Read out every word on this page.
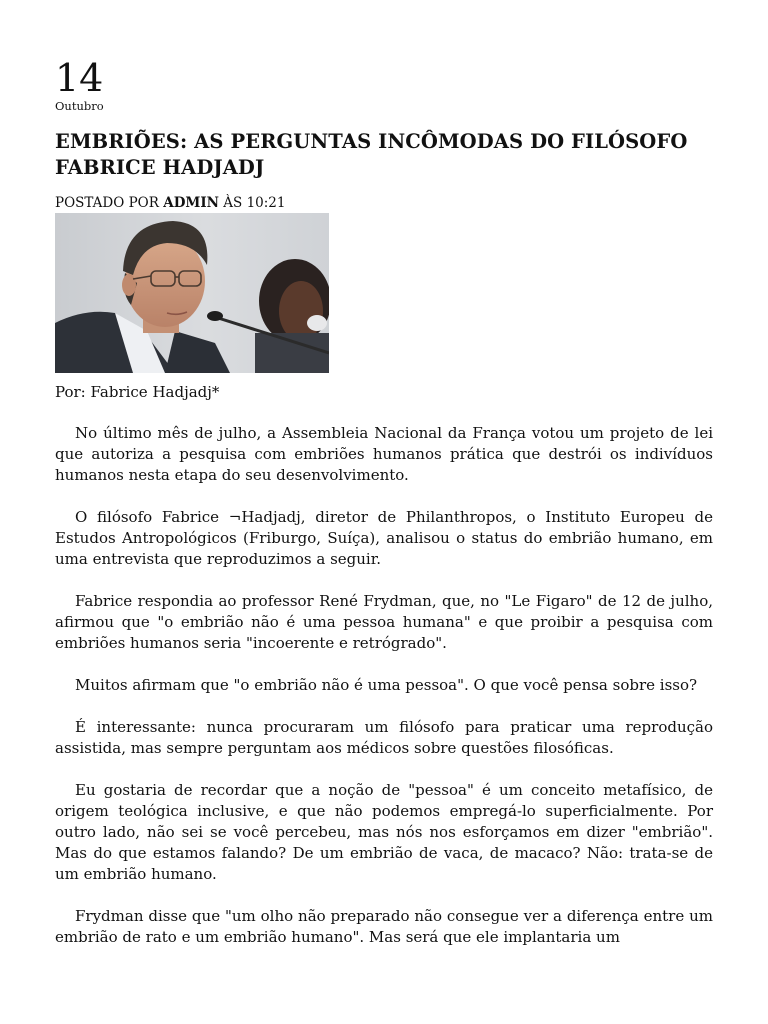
14
Outubro
EMBRIÕES: AS PERGUNTAS INCÔMODAS DO FILÓSOFO FABRICE HADJADJ

POSTADO POR ADMIN ÀS 10:21

Por: Fabrice Hadjadj*

No último mês de julho, a Assembleia Nacional da França votou um projeto de lei que autoriza a pesquisa com embriões humanos prática que destrói os indivíduos humanos nesta etapa do seu desenvolvimento.

O filósofo Fabrice ¬Hadjadj, diretor de Philanthropos, o Instituto Europeu de Estudos Antropológicos (Friburgo, Suíça), analisou o status do embrião humano, em uma entrevista que reproduzimos a seguir.

Fabrice respondia ao professor René Frydman, que, no "Le Figaro" de 12 de julho, afirmou que "o embrião não é uma pessoa humana" e que proibir a pesquisa com embriões humanos seria "incoerente e retrógrado".

Muitos afirmam que "o embrião não é uma pessoa". O que você pensa sobre isso?

É interessante: nunca procuraram um filósofo para praticar uma reprodução assistida, mas sempre perguntam aos médicos sobre questões filosóficas.

Eu gostaria de recordar que a noção de "pessoa" é um conceito metafísico, de origem teológica inclusive, e que não podemos empregá-lo superficialmente. Por outro lado, não sei se você percebeu, mas nós nos esforçamos em dizer "embrião". Mas do que estamos falando? De um embrião de vaca, de macaco? Não: trata-se de um embrião humano.

Frydman disse que "um olho não preparado não consegue ver a diferença entre um embrião de rato e um embrião humano". Mas será que ele implantaria um
